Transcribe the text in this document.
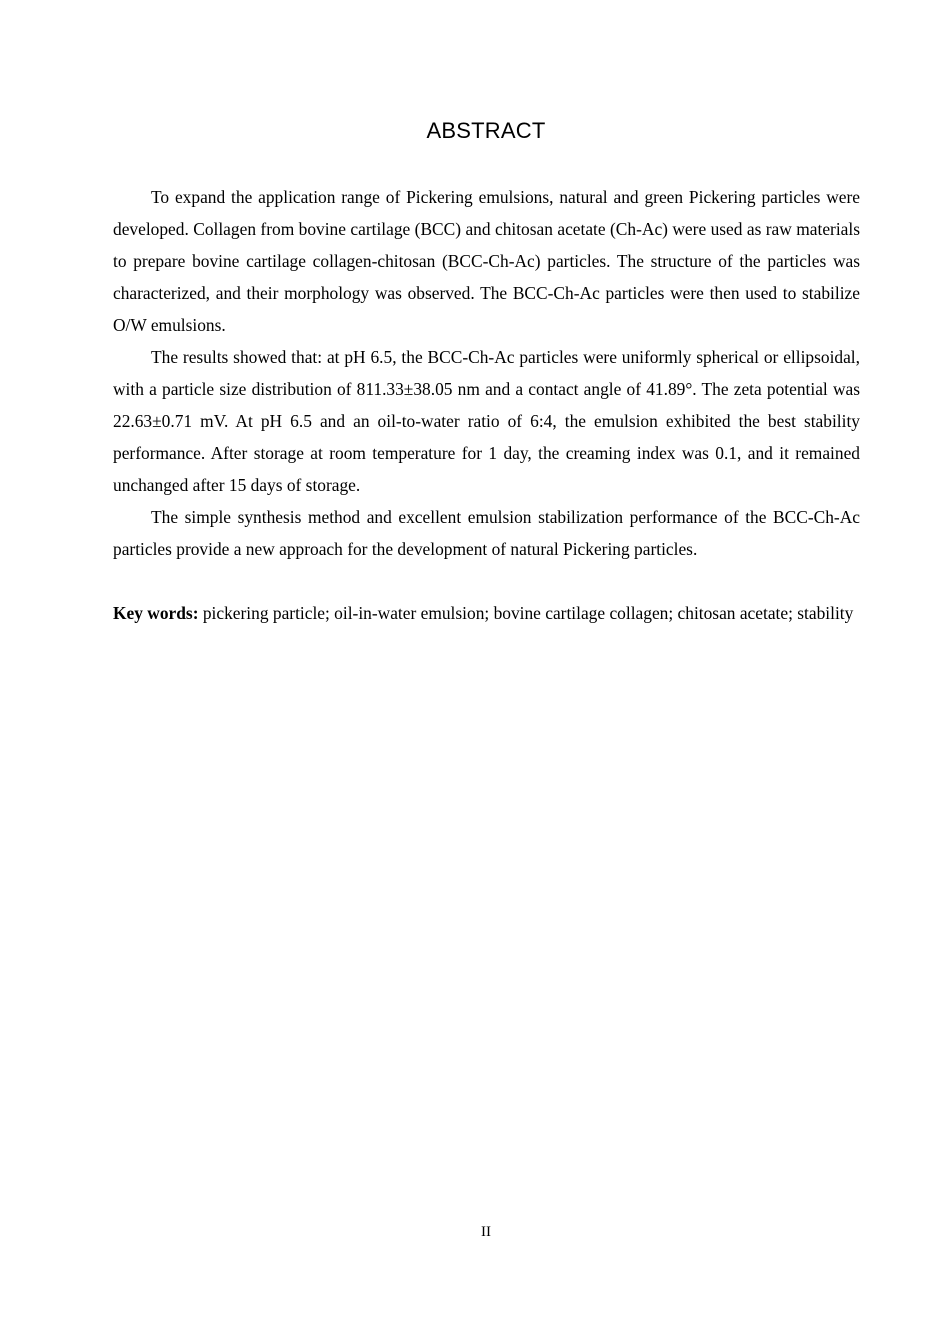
ABSTRACT

To expand the application range of Pickering emulsions, natural and green Pickering particles were developed. Collagen from bovine cartilage (BCC) and chitosan acetate (Ch-Ac) were used as raw materials to prepare bovine cartilage collagen-chitosan (BCC-Ch-Ac) particles. The structure of the particles was characterized, and their morphology was observed. The BCC-Ch-Ac particles were then used to stabilize O/W emulsions.

The results showed that: at pH 6.5, the BCC-Ch-Ac particles were uniformly spherical or ellipsoidal, with a particle size distribution of 811.33±38.05 nm and a contact angle of 41.89°. The zeta potential was 22.63±0.71 mV. At pH 6.5 and an oil-to-water ratio of 6:4, the emulsion exhibited the best stability performance. After storage at room temperature for 1 day, the creaming index was 0.1, and it remained unchanged after 15 days of storage.

The simple synthesis method and excellent emulsion stabilization performance of the BCC-Ch-Ac particles provide a new approach for the development of natural Pickering particles.

Key words: pickering particle; oil-in-water emulsion; bovine cartilage collagen; chitosan acetate; stability

II
